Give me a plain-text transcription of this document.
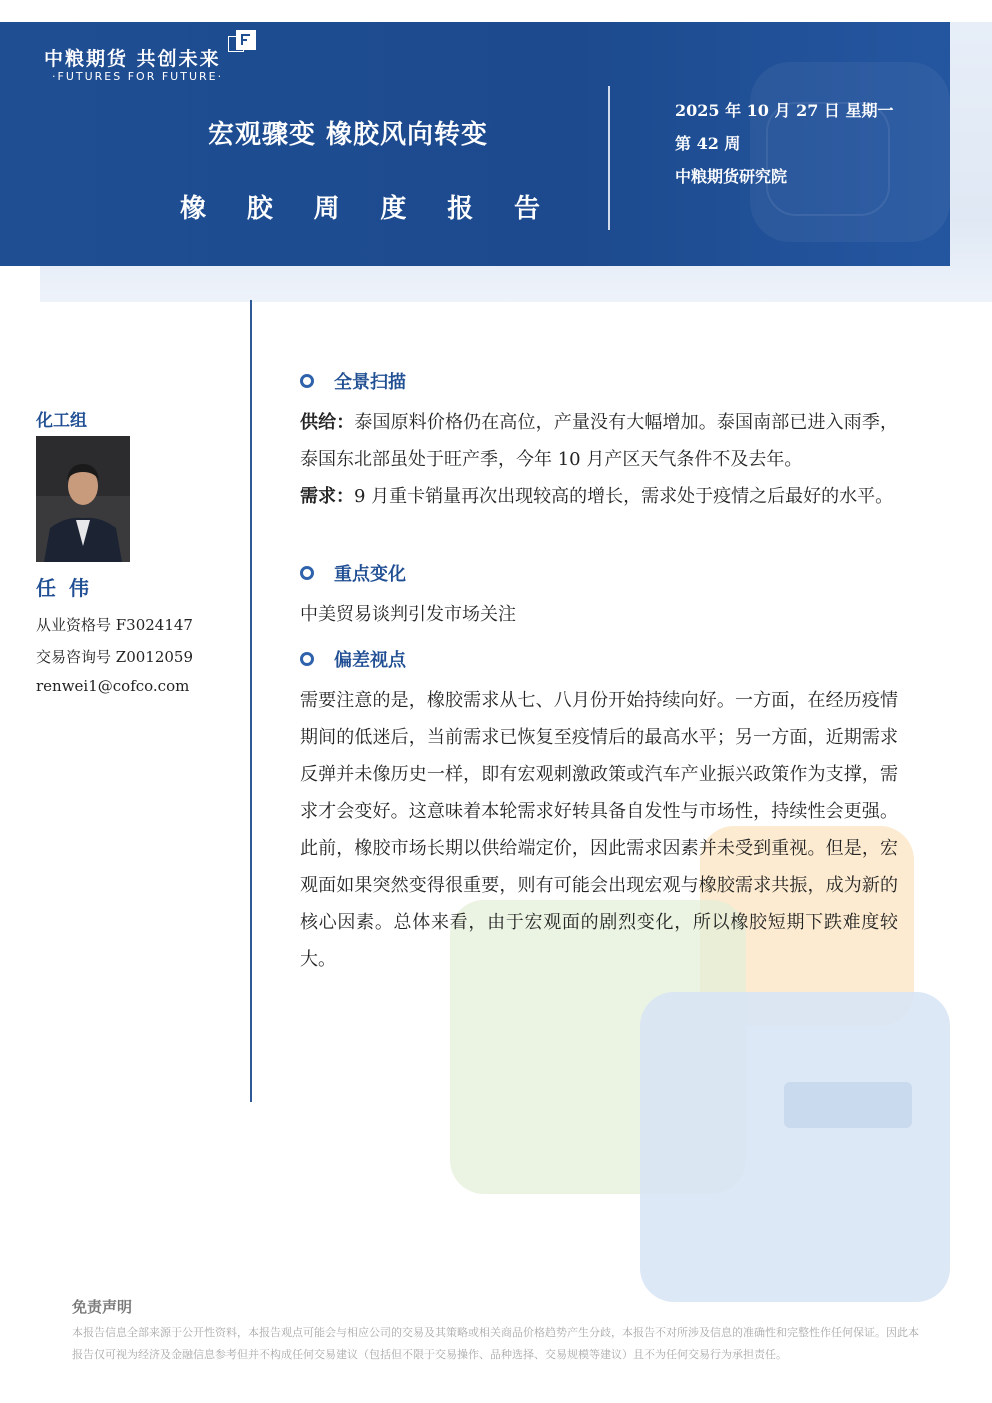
中粮期货 共创未来
·FUTURES FOR FUTURE·
宏观骤变 橡胶风向转变
橡 胶 周 度 报 告
2025 年 10 月 27 日 星期一
第 42 周
中粮期货研究院
化工组
任 伟
从业资格号 F3024147
交易咨询号 Z0012059
renwei1@cofco.com
全景扫描
供给：泰国原料价格仍在高位，产量没有大幅增加。泰国南部已进入雨季，泰国东北部虽处于旺产季，今年 10 月产区天气条件不及去年。
需求：9 月重卡销量再次出现较高的增长，需求处于疫情之后最好的水平。
重点变化
中美贸易谈判引发市场关注
偏差视点
需要注意的是，橡胶需求从七、八月份开始持续向好。一方面，在经历疫情期间的低迷后，当前需求已恢复至疫情后的最高水平；另一方面，近期需求反弹并未像历史一样，即有宏观刺激政策或汽车产业振兴政策作为支撑，需求才会变好。这意味着本轮需求好转具备自发性与市场性，持续性会更强。此前，橡胶市场长期以供给端定价，因此需求因素并未受到重视。但是，宏观面如果突然变得很重要，则有可能会出现宏观与橡胶需求共振，成为新的核心因素。总体来看，由于宏观面的剧烈变化，所以橡胶短期下跌难度较大。
免责声明
本报告信息全部来源于公开性资料，本报告观点可能会与相应公司的交易及其策略或相关商品价格趋势产生分歧，本报告不对所涉及信息的准确性和完整性作任何保证。因此本报告仅可视为经济及金融信息参考但并不构成任何交易建议（包括但不限于交易操作、品种选择、交易规模等建议）且不为任何交易行为承担责任。
